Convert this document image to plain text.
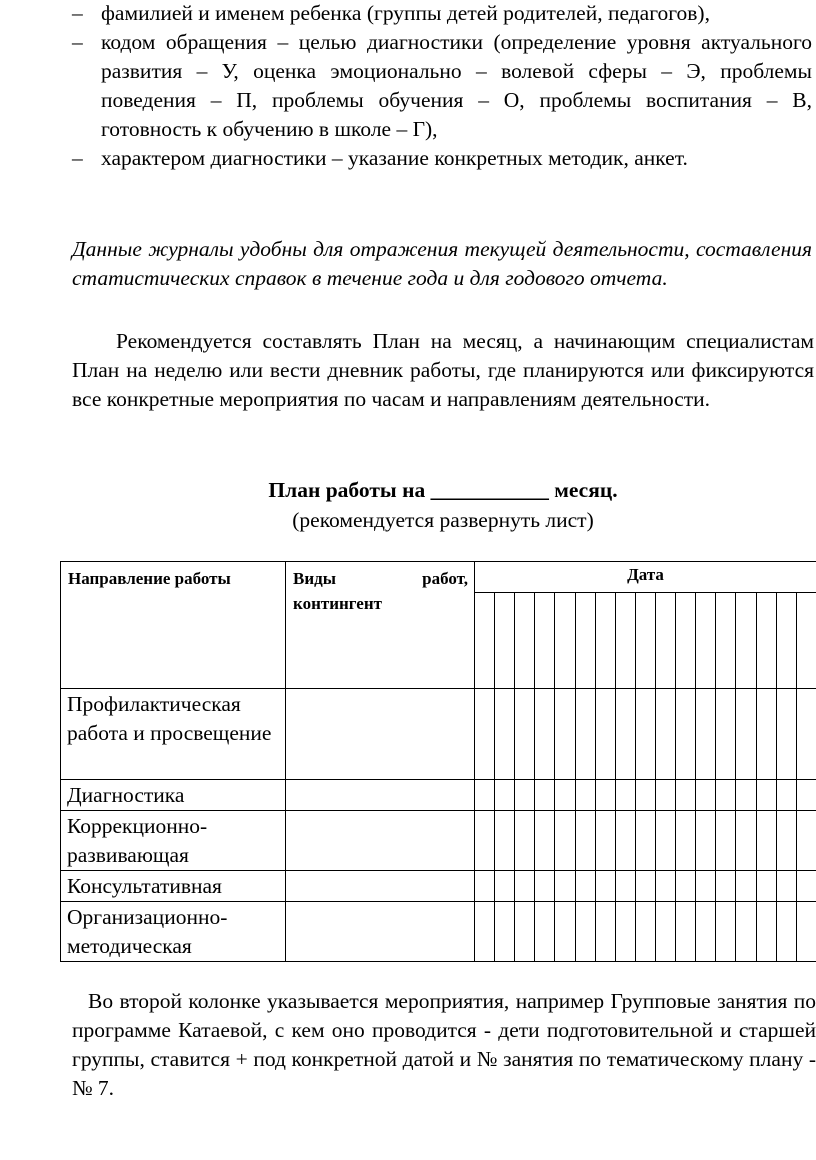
– фамилией и именем ребенка (группы детей родителей, педагогов),
– кодом обращения – целью диагностики (определение уровня актуального развития – У, оценка эмоционально – волевой сферы – Э, проблемы поведения – П, проблемы обучения – О, проблемы воспитания – В, готовность к обучению в школе – Г),
– характером диагностики – указание конкретных методик, анкет.

Данные журналы удобны для отражения текущей деятельности, составления статистических справок в течение года и для годового отчета.

Рекомендуется составлять План на месяц, а начинающим специалистам План на неделю или вести дневник работы, где планируются или фиксируются все конкретные мероприятия по часам и направлениям деятельности.

План работы на ___________ месяц.

(рекомендуется развернуть лист)

Направление работы	Виды работ, контингент	Дата																

Профилактическая работа и просвещение																		
Диагностика																		
Коррекционно-развивающая																		
Консультативная																		
Организационно-методическая																		

Во второй колонке указывается мероприятия, например Групповые занятия по программе Катаевой, с кем оно проводится - дети подготовительной и старшей группы, ставится + под конкретной датой и № занятия по тематическому плану - № 7.
